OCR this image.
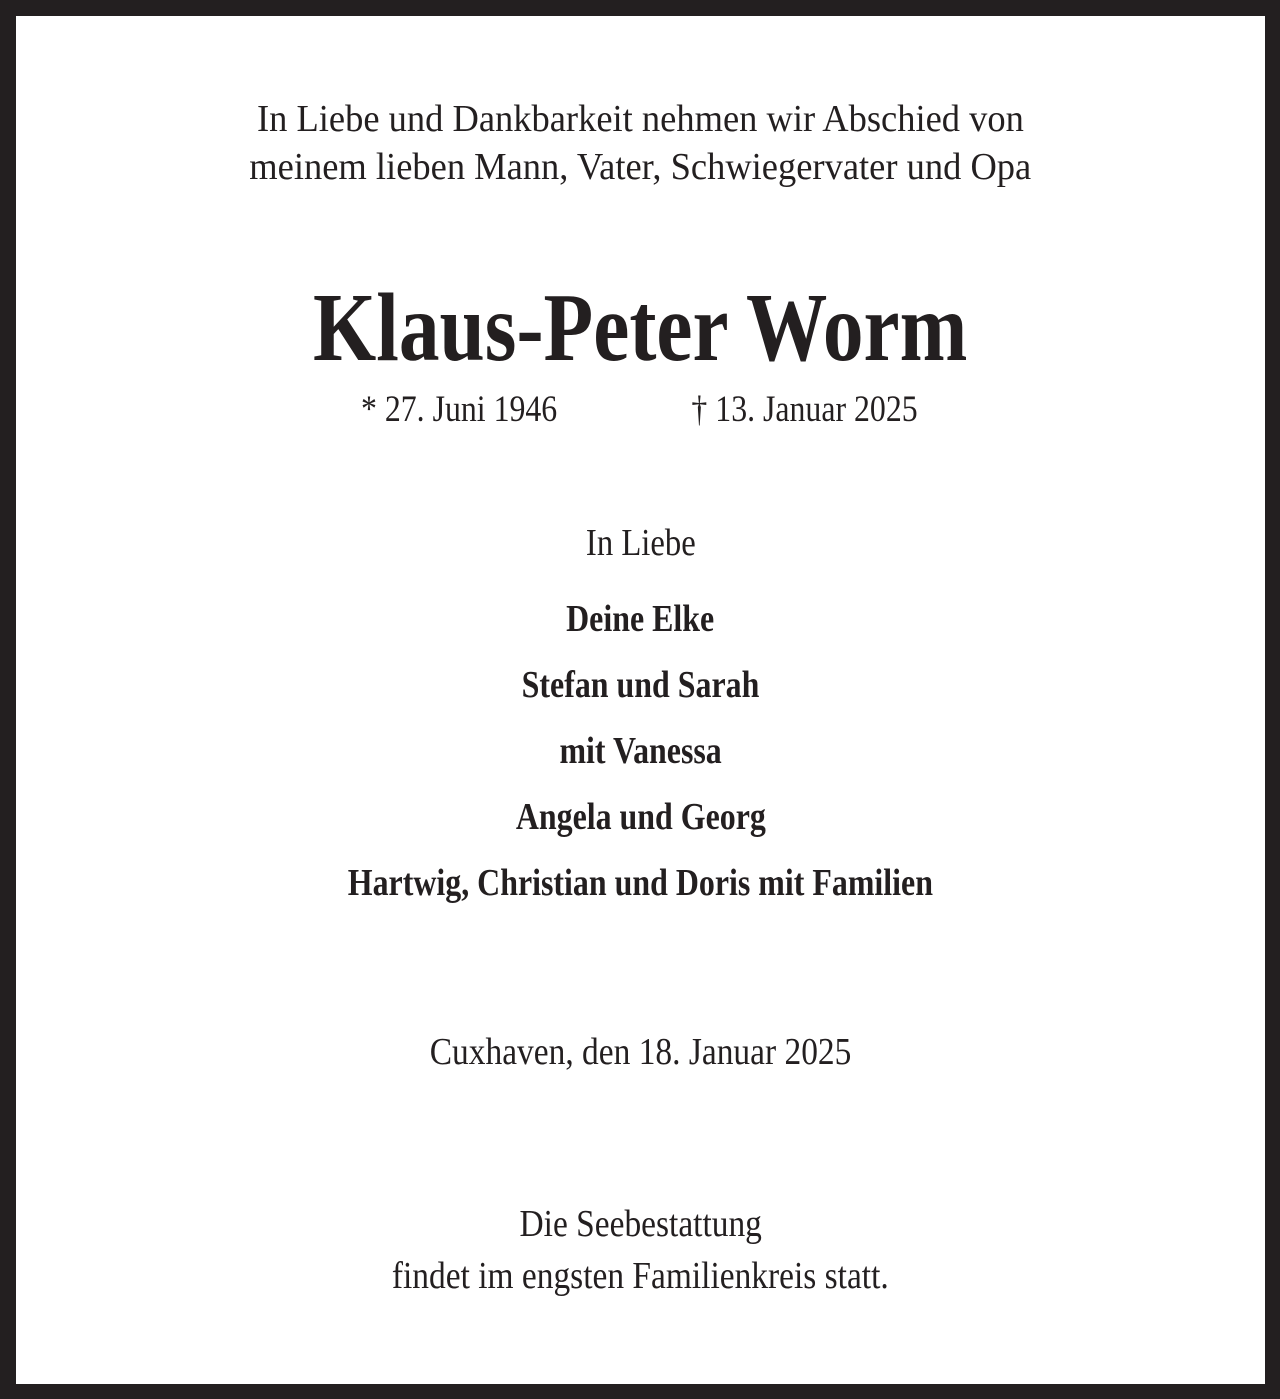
In Liebe und Dankbarkeit nehmen wir Abschied von
meinem lieben Mann, Vater, Schwiegervater und Opa
Klaus-Peter Worm
* 27. Juni 1946	† 13. Januar 2025
In Liebe
Deine Elke
Stefan und Sarah
mit Vanessa
Angela und Georg
Hartwig, Christian und Doris mit Familien
Cuxhaven, den 18. Januar 2025
Die Seebestattung
findet im engsten Familienkreis statt.
